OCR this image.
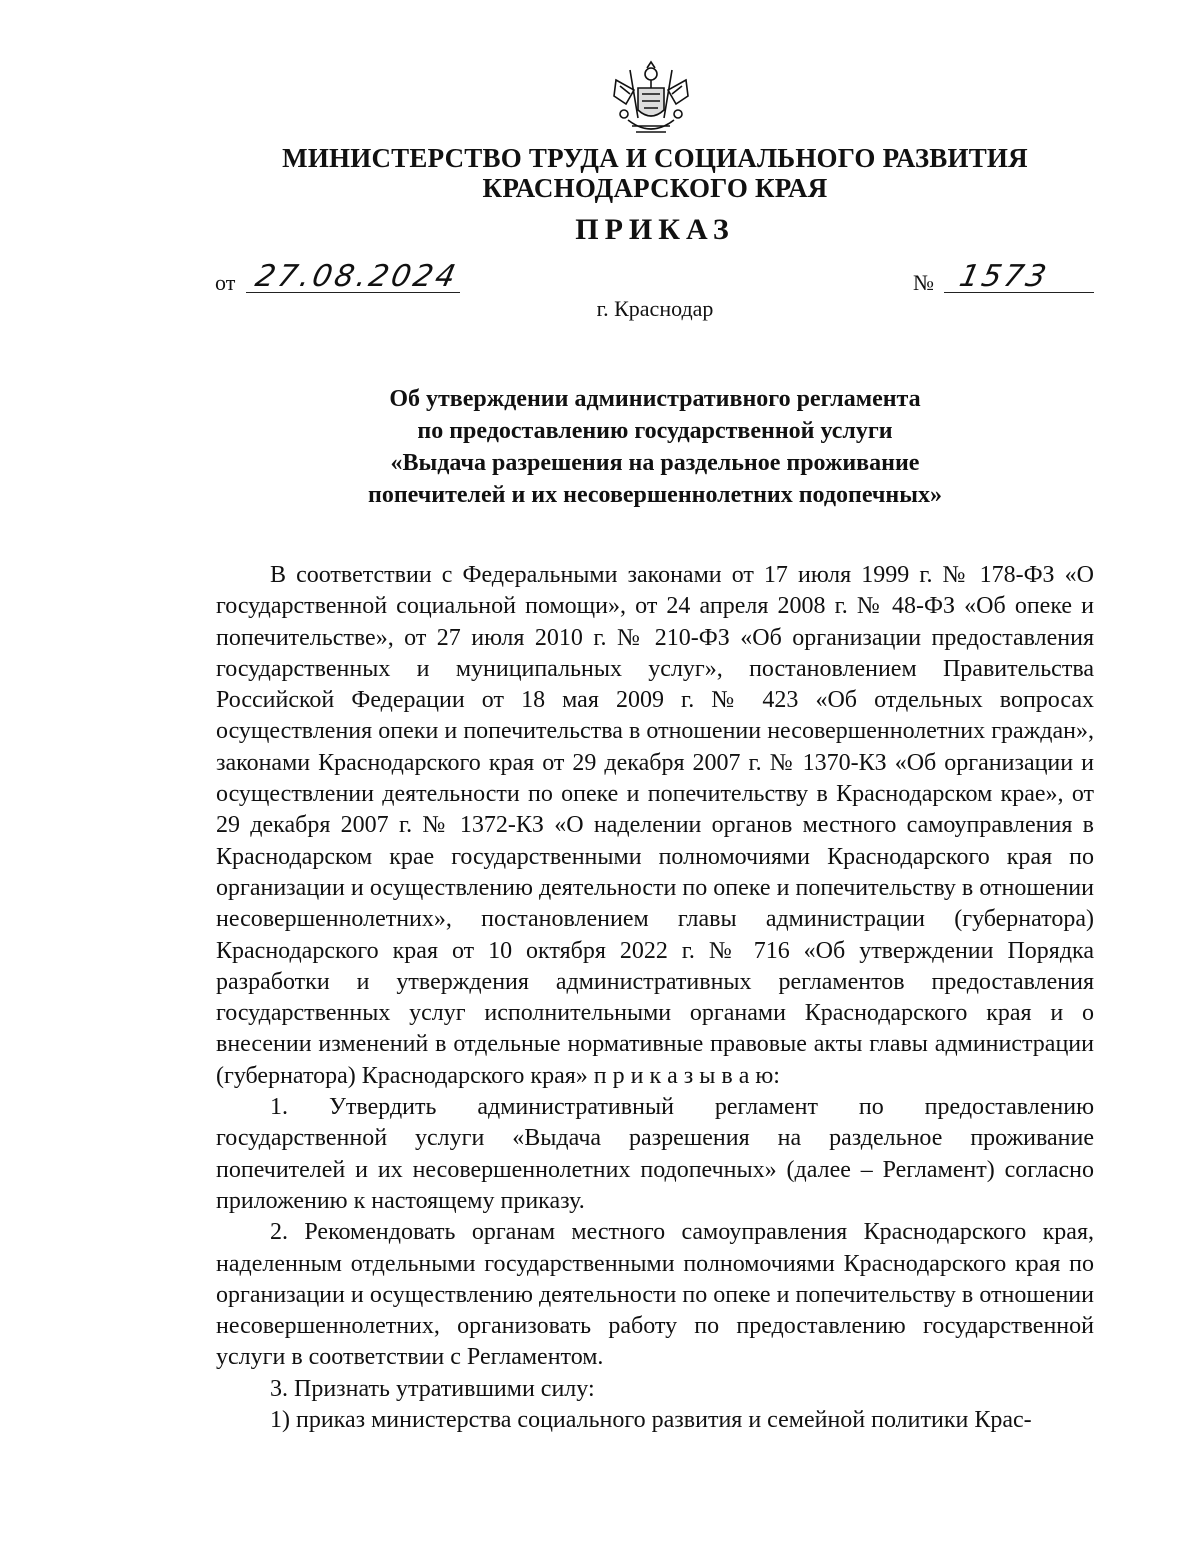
МИНИСТЕРСТВО ТРУДА И СОЦИАЛЬНОГО РАЗВИТИЯ
КРАСНОДАРСКОГО КРАЯ
ПРИКАЗ
от 27.08.2024	№ 1573
г. Краснодар
Об утверждении административного регламента
по предоставлению государственной услуги
«Выдача разрешения на раздельное проживание
попечителей и их несовершеннолетних подопечных»

В соответствии с Федеральными законами от 17 июля 1999 г. № 178-ФЗ «О государственной социальной помощи», от 24 апреля 2008 г. № 48-ФЗ «Об опеке и попечительстве», от 27 июля 2010 г. № 210-ФЗ «Об организации предоставления государственных и муниципальных услуг», постановлением Правительства Российской Федерации от 18 мая 2009 г. № 423 «Об отдельных вопросах осуществления опеки и попечительства в отношении несовершеннолетних граждан», законами Краснодарского края от 29 декабря 2007 г. № 1370-КЗ «Об организации и осуществлении деятельности по опеке и попечительству в Краснодарском крае», от 29 декабря 2007 г. № 1372-КЗ «О наделении органов местного самоуправления в Краснодарском крае государственными полномочиями Краснодарского края по организации и осуществлению деятельности по опеке и попечительству в отношении несовершеннолетних», постановлением главы администрации (губернатора) Краснодарского края от 10 октября 2022 г. № 716 «Об утверждении Порядка разработки и утверждения административных регламентов предоставления государственных услуг исполнительными органами Краснодарского края и о внесении изменений в отдельные нормативные правовые акты главы администрации (губернатора) Краснодарского края» п р и к а з ы в а ю:

1. Утвердить административный регламент по предоставлению государственной услуги «Выдача разрешения на раздельное проживание попечителей и их несовершеннолетних подопечных» (далее – Регламент) согласно приложению к настоящему приказу.

2. Рекомендовать органам местного самоуправления Краснодарского края, наделенным отдельными государственными полномочиями Краснодарского края по организации и осуществлению деятельности по опеке и попечительству в отношении несовершеннолетних, организовать работу по предоставлению государственной услуги в соответствии с Регламентом.

3. Признать утратившими силу:

1) приказ министерства социального развития и семейной политики Крас-
